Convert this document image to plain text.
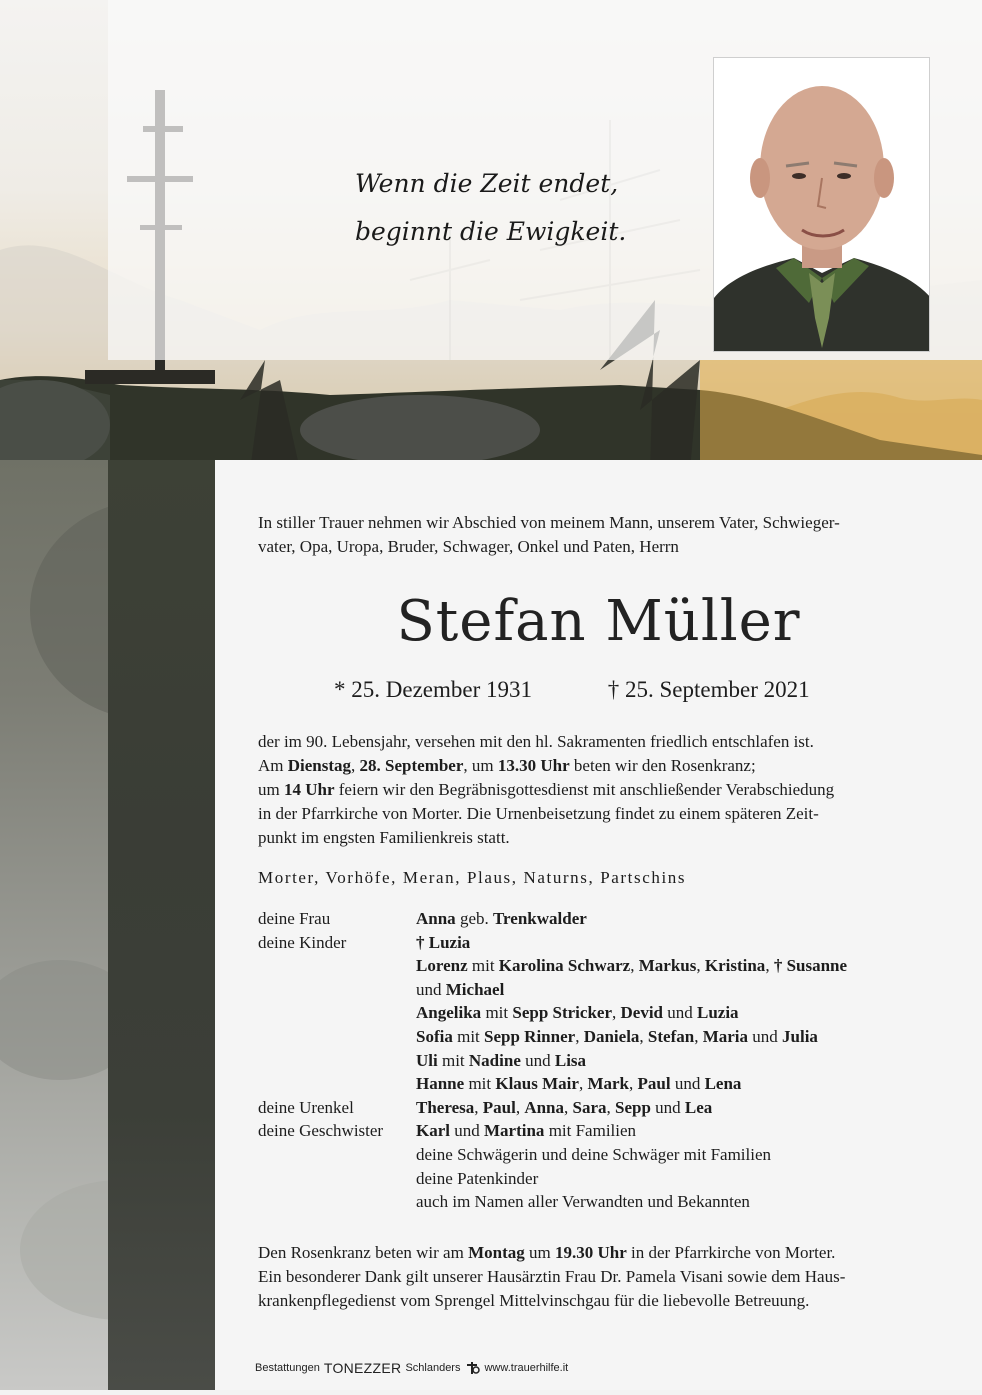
Wenn die Zeit endet,
beginnt die Ewigkeit.
In stiller Trauer nehmen wir Abschied von meinem Mann, unserem Vater, Schwieger-
vater, Opa, Uropa, Bruder, Schwager, Onkel und Paten, Herrn
Stefan Müller
* 25. Dezember 1931	† 25. September 2021
der im 90. Lebensjahr, versehen mit den hl. Sakramenten friedlich entschlafen ist.
Am Dienstag, 28. September, um 13.30 Uhr beten wir den Rosenkranz;
um 14 Uhr feiern wir den Begräbnisgottesdienst mit anschließender Verabschiedung
in der Pfarrkirche von Morter. Die Urnenbeisetzung findet zu einem späteren Zeit-
punkt im engsten Familienkreis statt.
Morter, Vorhöfe, Meran, Plaus, Naturns, Partschins
deine Frau	Anna geb. Trenkwalder
deine Kinder	† Luzia
Lorenz mit Karolina Schwarz, Markus, Kristina, † Susanne
und Michael
Angelika mit Sepp Stricker, Devid und Luzia
Sofia mit Sepp Rinner, Daniela, Stefan, Maria und Julia
Uli mit Nadine und Lisa
Hanne mit Klaus Mair, Mark, Paul und Lena
deine Urenkel	Theresa, Paul, Anna, Sara, Sepp und Lea
deine Geschwister	Karl und Martina mit Familien
deine Schwägerin und deine Schwäger mit Familien
deine Patenkinder
auch im Namen aller Verwandten und Bekannten
Den Rosenkranz beten wir am Montag um 19.30 Uhr in der Pfarrkirche von Morter.
Ein besonderer Dank gilt unserer Hausärztin Frau Dr. Pamela Visani sowie dem Haus-
krankenpflegedienst vom Sprengel Mittelvinschgau für die liebevolle Betreuung.
Bestattungen TONEZZER Schlanders www.trauerhilfe.it
